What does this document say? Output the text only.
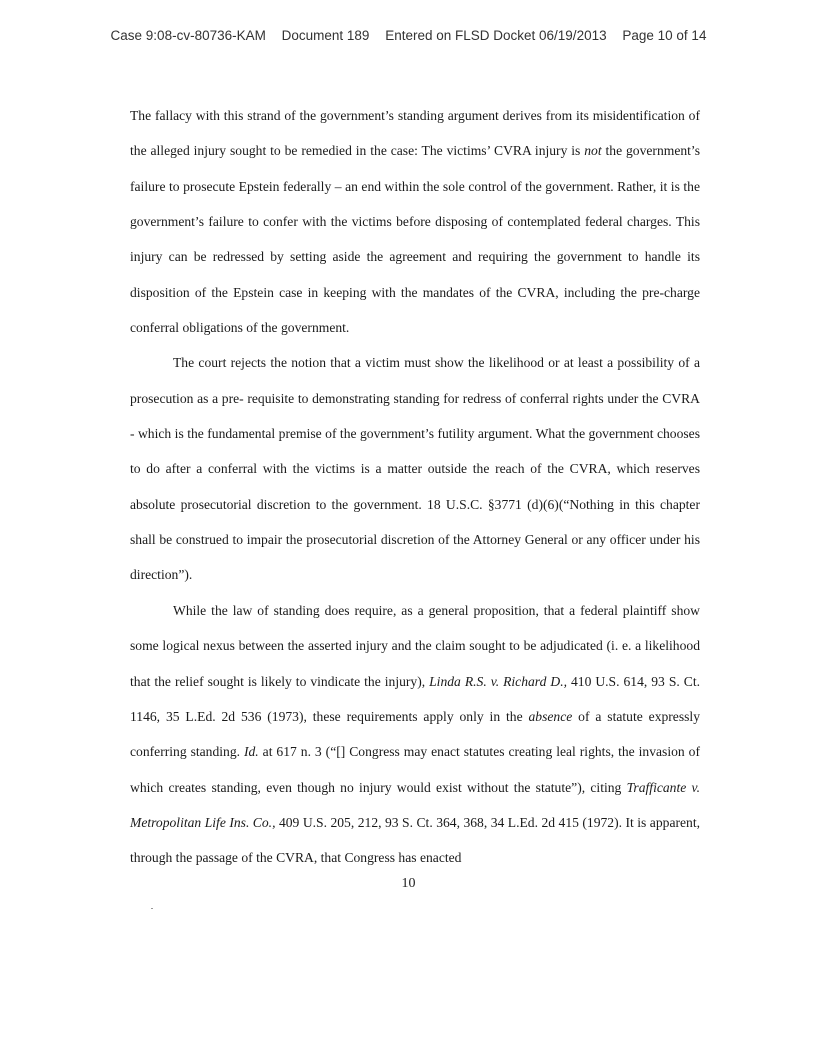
Case 9:08-cv-80736-KAM Document 189 Entered on FLSD Docket 06/19/2013 Page 10 of 14

The fallacy with this strand of the government’s standing argument derives from its misidentification of the alleged injury sought to be remedied in the case: The victims’ CVRA injury is not the government’s failure to prosecute Epstein federally – an end within the sole control of the government. Rather, it is the government’s failure to confer with the victims before disposing of contemplated federal charges. This injury can be redressed by setting aside the agreement and requiring the government to handle its disposition of the Epstein case in keeping with the mandates of the CVRA, including the pre-charge conferral obligations of the government.

The court rejects the notion that a victim must show the likelihood or at least a possibility of a prosecution as a pre- requisite to demonstrating standing for redress of conferral rights under the CVRA - which is the fundamental premise of the government’s futility argument. What the government chooses to do after a conferral with the victims is a matter outside the reach of the CVRA, which reserves absolute prosecutorial discretion to the government. 18 U.S.C. §3771 (d)(6)(“Nothing in this chapter shall be construed to impair the prosecutorial discretion of the Attorney General or any officer under his direction”).

While the law of standing does require, as a general proposition, that a federal plaintiff show some logical nexus between the asserted injury and the claim sought to be adjudicated (i. e. a likelihood that the relief sought is likely to vindicate the injury), Linda R.S. v. Richard D., 410 U.S. 614, 93 S. Ct. 1146, 35 L.Ed. 2d 536 (1973), these requirements apply only in the absence of a statute expressly conferring standing. Id. at 617 n. 3 (“[] Congress may enact statutes creating leal rights, the invasion of which creates standing, even though no injury would exist without the statute”), citing Trafficante v. Metropolitan Life Ins. Co., 409 U.S. 205, 212, 93 S. Ct. 364, 368, 34 L.Ed. 2d 415 (1972). It is apparent, through the passage of the CVRA, that Congress has enacted

10
